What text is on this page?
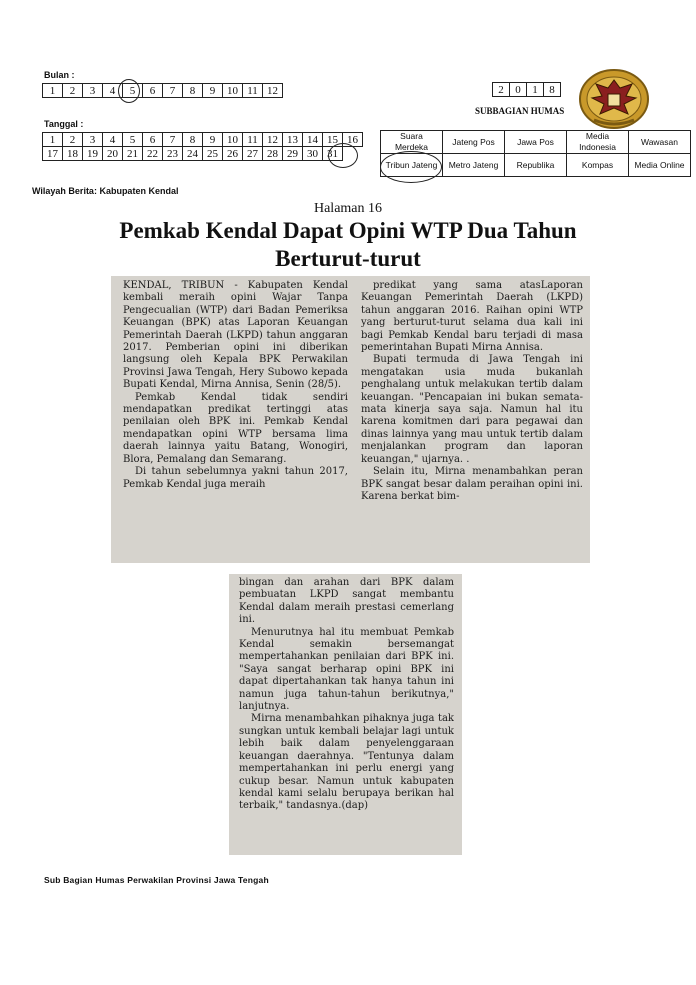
Bulan :
1	2	3	4	5	6	7	8	9	10	11	12
Tanggal :
1	2	3	4	5	6	7	8	9	10	11	12	13	14	15	16
17	18	19	20	21	22	23	24	25	26	27	28	29	30	31	
2	0	1	8
SUBBAGIAN HUMAS
Suara Merdeka	Jateng Pos	Jawa Pos	Media Indonesia	Wawasan
Tribun Jateng	Metro Jateng	Republika	Kompas	Media Online
Wilayah Berita: Kabupaten Kendal
Halaman 16
Pemkab Kendal Dapat Opini WTP Dua Tahun
Berturut-turut

KENDAL, TRIBUN - Kabupaten Kendal kembali meraih opini Wajar Tanpa Pengecualian (WTP) dari Badan Pemeriksa Keuangan (BPK) atas Laporan Keuangan Pemerintah Daerah (LKPD) tahun anggaran 2017. Pemberian opini ini diberikan langsung oleh Kepala BPK Perwakilan Provinsi Jawa Tengah, Hery Subowo kepada Bupati Kendal, Mirna Annisa, Senin (28/5).

Pemkab Kendal tidak sendiri mendapatkan predikat tertinggi atas penilaian oleh BPK ini. Pemkab Kendal mendapatkan opini WTP bersama lima daerah lainnya yaitu Batang, Wonogiri, Blora, Pemalang dan Semarang.

Di tahun sebelumnya yakni tahun 2017, Pemkab Kendal juga meraih

predikat yang sama atasLaporan Keuangan Pemerintah Daerah (LKPD) tahun anggaran 2016. Raihan opini WTP yang berturut-turut selama dua kali ini bagi Pemkab Kendal baru terjadi di masa pemerintahan Bupati Mirna Annisa.

Bupati termuda di Jawa Tengah ini mengatakan usia muda bukanlah penghalang untuk melakukan tertib dalam keuangan. "Pencapaian ini bukan semata-mata kinerja saya saja. Namun hal itu karena komitmen dari para pegawai dan dinas lainnya yang mau untuk tertib dalam menjalankan program dan laporan keuangan," ujarnya. .

Selain itu, Mirna menambahkan peran BPK sangat besar dalam peraihan opini ini. Karena berkat bim-

bingan dan arahan dari BPK dalam pembuatan LKPD sangat membantu Kendal dalam meraih prestasi cemerlang ini.

Menurutnya hal itu membuat Pemkab Kendal semakin bersemangat mempertahankan penilaian dari BPK ini. "Saya sangat berharap opini BPK ini dapat dipertahankan tak hanya tahun ini namun juga tahun-tahun berikutnya," lanjutnya.

Mirna menambahkan pihaknya juga tak sungkan untuk kembali belajar lagi untuk lebih baik dalam penyelenggaraan keuangan daerahnya. "Tentunya dalam mempertahankan ini perlu energi yang cukup besar. Namun untuk kabupaten kendal kami selalu berupaya berikan hal terbaik," tandasnya.(dap)

Sub Bagian Humas Perwakilan Provinsi Jawa Tengah
